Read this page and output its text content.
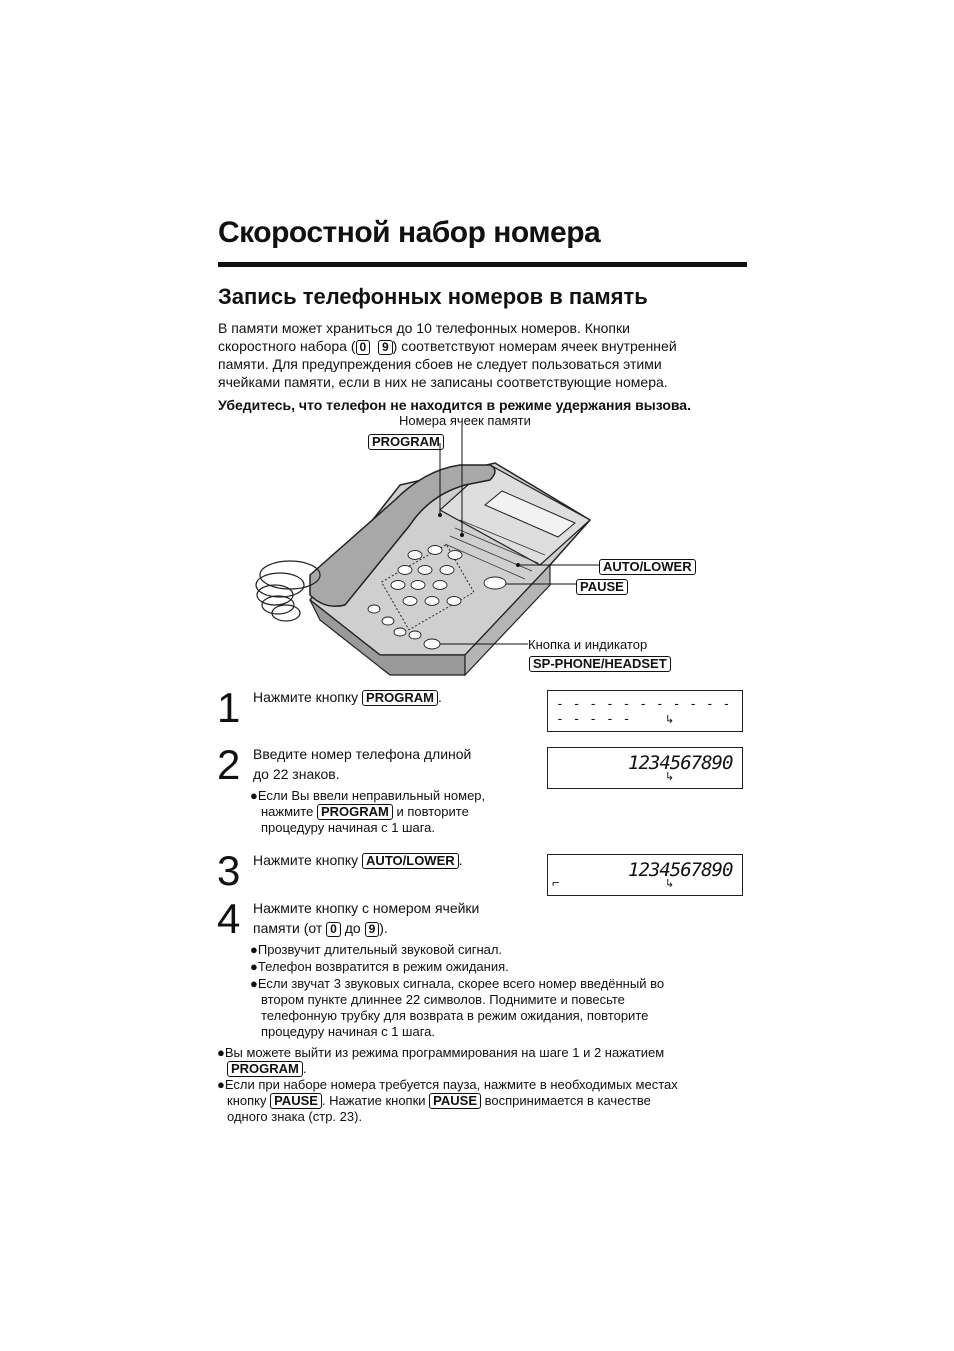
Скоростной набор номера
Запись телефонных номеров в память
В памяти может храниться до 10 телефонных номеров. Кнопки
скоростного набора ( 0 9 ) соответствуют номерам ячеек внутренней
памяти. Для предупреждения сбоев не следует пользоваться этими
ячейками памяти, если в них не записаны соответствующие номера.
Убедитесь, что телефон не находится в режиме удержания вызова.
Номера ячеек памяти
PROGRAM
AUTO/LOWER
PAUSE
Кнопка и индикатор
SP-PHONE/HEADSET
1 Нажмите кнопку PROGRAM .	- - - - - - - - - - - - - - - -	↳
2 Введите номер телефона длиной
до 22 знаков.
●Если Вы ввели неправильный номер,
нажмите PROGRAM и повторите
процедуру начиная с 1 шага.
1234567890
↳
3 Нажмите кнопку AUTO/LOWER .
⌐
1234567890
↳
4 Нажмите кнопку с номером ячейки
памяти (от 0 до 9 ).
●Прозвучит длительный звуковой сигнал.
●Телефон возвратится в режим ожидания.
●Если звучат 3 звуковых сигнала, скорее всего номер введённый во
втором пункте длиннее 22 символов. Поднимите и повесьте
телефонную трубку для возврата в режим ожидания, повторите
процедуру начиная с 1 шага.
●Вы можете выйти из режима программирования на шаге 1 и 2 нажатием
PROGRAM .
●Если при наборе номера требуется пауза, нажмите в необходимых местах
кнопку PAUSE . Нажатие кнопки PAUSE воспринимается в качестве
одного знака (стр. 23).
